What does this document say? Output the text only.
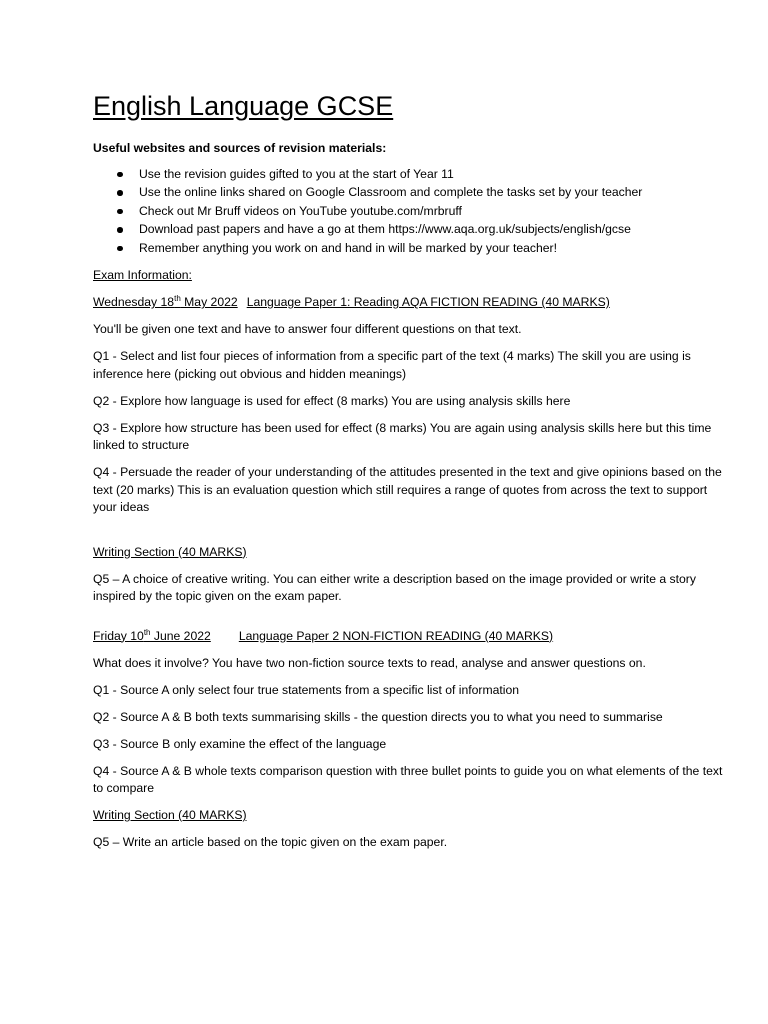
English Language GCSE

Useful websites and sources of revision materials:

Use the revision guides gifted to you at the start of Year 11
Use the online links shared on Google Classroom and complete the tasks set by your teacher
Check out Mr Bruff videos on YouTube youtube.com/mrbruff
Download past papers and have a go at them https://www.aqa.org.uk/subjects/english/gcse
Remember anything you work on and hand in will be marked by your teacher!

Exam Information:

Wednesday 18th May 2022 Language Paper 1: Reading AQA FICTION READING (40 MARKS)

You'll be given one text and have to answer four different questions on that text.

Q1 - Select and list four pieces of information from a specific part of the text (4 marks) The skill you are using is inference here (picking out obvious and hidden meanings)

Q2 - Explore how language is used for effect (8 marks) You are using analysis skills here

Q3 - Explore how structure has been used for effect (8 marks) You are again using analysis skills here but this time linked to structure

Q4 - Persuade the reader of your understanding of the attitudes presented in the text and give opinions based on the text (20 marks) This is an evaluation question which still requires a range of quotes from across the text to support your ideas

Writing Section (40 MARKS)

Q5 – A choice of creative writing. You can either write a description based on the image provided or write a story inspired by the topic given on the exam paper.

Friday 10th June 2022 Language Paper 2 NON-FICTION READING (40 MARKS)

What does it involve? You have two non-fiction source texts to read, analyse and answer questions on.

Q1 - Source A only select four true statements from a specific list of information

Q2 - Source A & B both texts summarising skills - the question directs you to what you need to summarise

Q3 - Source B only examine the effect of the language

Q4 - Source A & B whole texts comparison question with three bullet points to guide you on what elements of the text to compare

Writing Section (40 MARKS)

Q5 – Write an article based on the topic given on the exam paper.
